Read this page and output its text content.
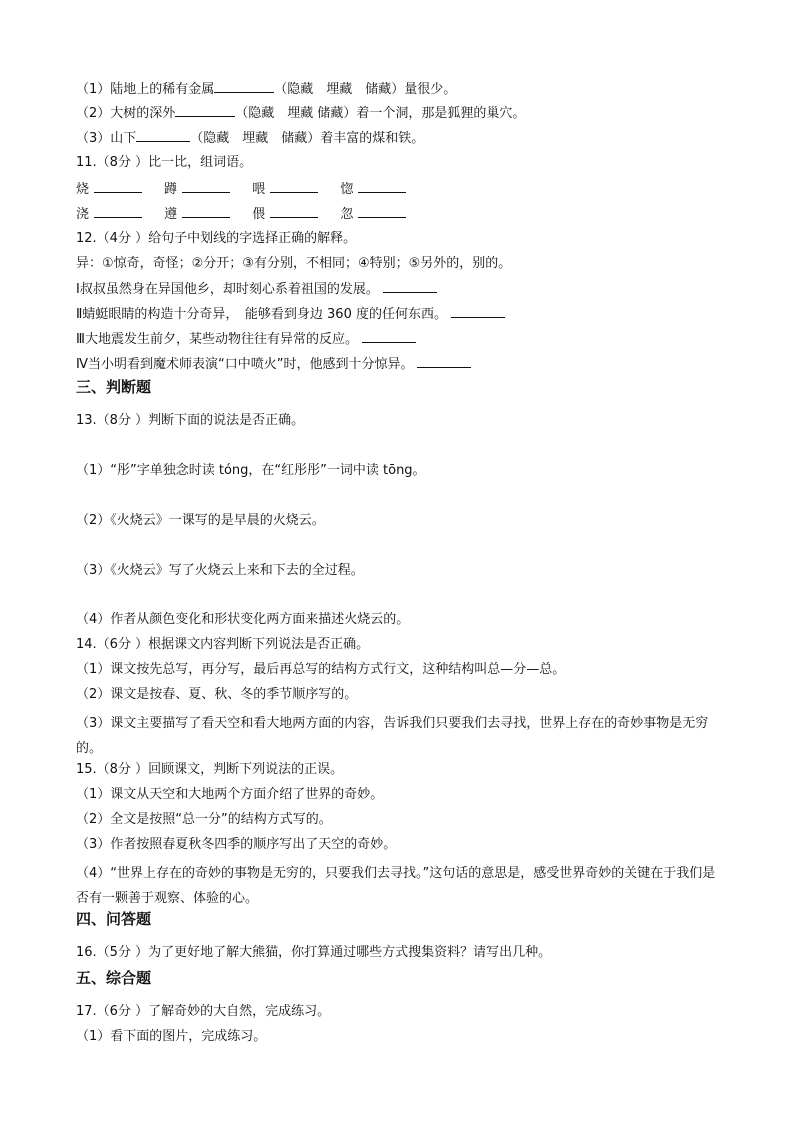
（1）陆地上的稀有金属	（隐藏　埋藏　储藏）量很少。
（2）大树的深外	（隐藏　埋藏 储藏）着一个洞，那是狐狸的巢穴。
（3）山下	（隐藏　埋藏　储藏）着丰富的煤和铁。
11.（8分 ）比一比，组词语。
烧	蹲	喂	惚
浇	遵	偎	忽
12.（4分 ）给句子中划线的字选择正确的解释。
异：①惊奇，奇怪；②分开；③有分别，不相同；④特别；⑤另外的，别的。
Ⅰ叔叔虽然身在异国他乡，却时刻心系着祖国的发展。
Ⅱ蜻蜓眼睛的构造十分奇异，　能够看到身边 360 度的任何东西。
Ⅲ大地震发生前夕，某些动物往往有异常的反应。
Ⅳ当小明看到魔术师表演“口中喷火”时，他感到十分惊异。
三、判断题
13.（8分 ）判断下面的说法是否正确。
（1）“彤”字单独念时读 tóng，在“红彤彤”一词中读 tōng。
（2）《火烧云》一课写的是早晨的火烧云。
（3）《火烧云》写了火烧云上来和下去的全过程。
（4）作者从颜色变化和形状变化两方面来描述火烧云的。
14.（6分 ）根据课文内容判断下列说法是否正确。
（1）课文按先总写，再分写，最后再总写的结构方式行文，这种结构叫总—分—总。
（2）课文是按春、夏、秋、冬的季节顺序写的。
（3）课文主要描写了看天空和看大地两方面的内容，告诉我们只要我们去寻找，世界上存在的奇妙事物是无穷的。
15.（8分 ）回顾课文，判断下列说法的正误。
（1）课文从天空和大地两个方面介绍了世界的奇妙。
（2）全文是按照“总一分”的结构方式写的。
（3）作者按照春夏秋冬四季的顺序写出了天空的奇妙。
（4）“世界上存在的奇妙的事物是无穷的，只要我们去寻找。”这句话的意思是，感受世界奇妙的关键在于我们是否有一颗善于观察、体验的心。
四、问答题
16.（5分 ）为了更好地了解大熊猫，你打算通过哪些方式搜集资料？请写出几种。
五、综合题
17.（6分 ）了解奇妙的大自然，完成练习。
（1）看下面的图片，完成练习。
